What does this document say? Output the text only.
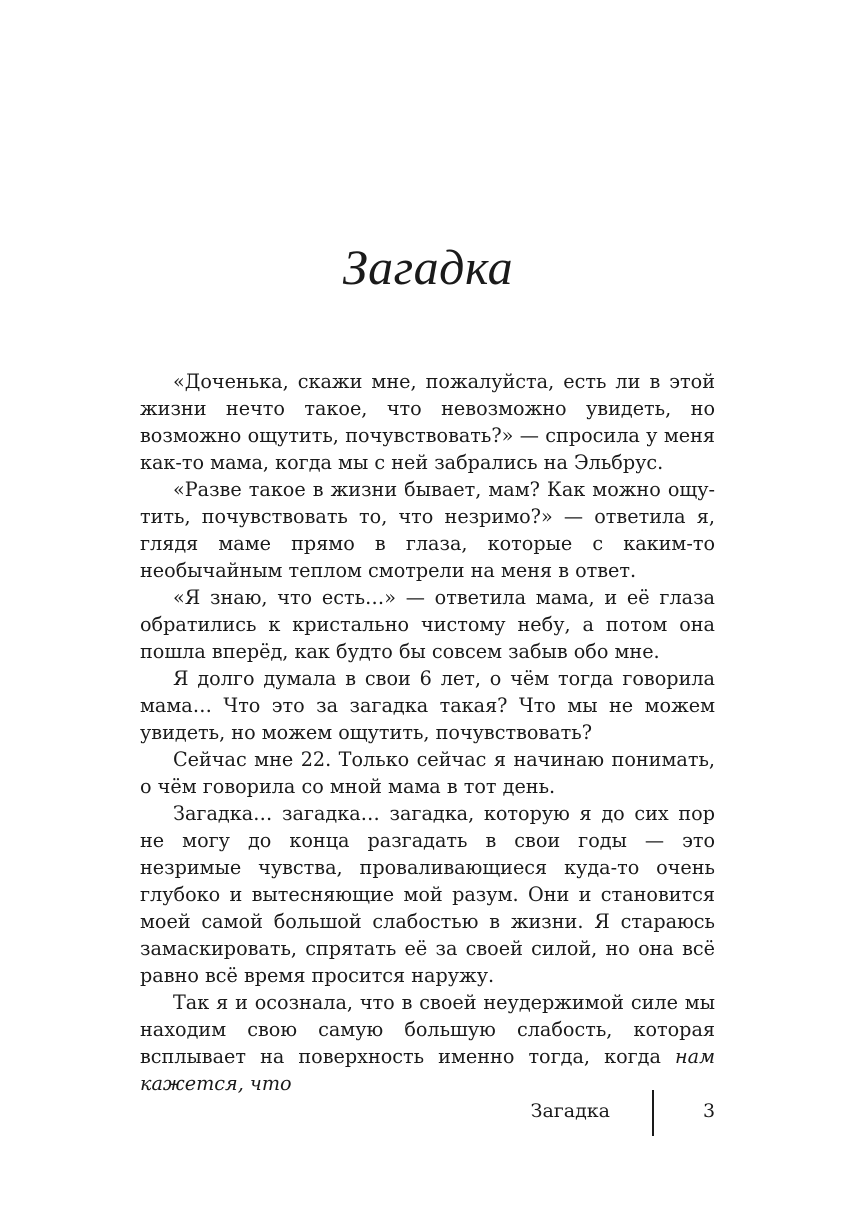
Загадка

«Доченька, скажи мне, пожалуйста, есть ли в этой жизни нечто такое, что невозможно увидеть, но возможно ощутить, почувствовать?» — спросила у меня как-то мама, когда мы с ней забрались на Эльбрус.

«Разве такое в жизни бывает, мам? Как можно ощутить, почувствовать то, что незримо?» — ответила я, глядя маме прямо в глаза, которые с каким-то необычайным теплом смотрели на меня в ответ.

«Я знаю, что есть…» — ответила мама, и её глаза обратились к кристально чистому небу, а потом она пошла вперёд, как будто бы совсем забыв обо мне.

Я долго думала в свои 6 лет, о чём тогда говорила мама… Что это за загадка такая? Что мы не можем увидеть, но можем ощутить, почувствовать?

Сейчас мне 22. Только сейчас я начинаю понимать, о чём говорила со мной мама в тот день.

Загадка… загадка… загадка, которую я до сих пор не могу до конца разгадать в свои годы — это незримые чувства, проваливающиеся куда-то очень глубоко и вытесняющие мой разум. Они и становится моей самой большой слабостью в жизни. Я стараюсь замаскировать, спрятать её за своей силой, но она всё равно всё время просится наружу.

Так я и осознала, что в своей неудержимой силе мы находим свою самую большую слабость, которая всплывает на поверхность именно тогда, когда нам кажется, что

Загадка	3
